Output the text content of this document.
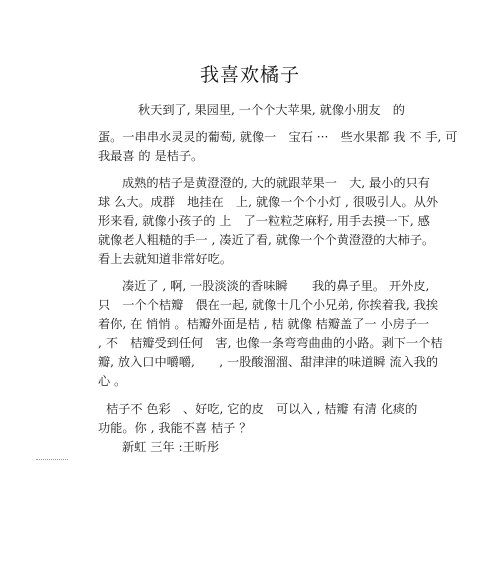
我喜欢橘子
秋天到了, 果园里, 一个个大苹果, 就像小朋友　的
蛋。一串串水灵灵的葡萄, 就像一　宝石 ···　些水果都 我 不 手, 可
我最喜 的 是桔子。
成熟的桔子是黄澄澄的, 大的就跟苹果一　大, 最小的只有
球 么大。成群　地挂在　上, 就像一个个小灯 , 很吸引人。从外
形来看, 就像小孩子的 上　了一粒粒芝麻籽, 用手去摸一下, 感
就像老人粗糙的手一 , 凑近了看, 就像一个个黄澄澄的大柿子。
看上去就知道非常好吃。
凑近了 , 啊, 一股淡淡的香味瞬　　我的鼻子里。 开外皮,
只　一个个桔瓣　偎在一起, 就像十几个小兄弟, 你挨着我, 我挨
着你, 在 悄悄 。桔瓣外面是桔 , 桔 就像 桔瓣盖了一 小房子一
, 不　桔瓣受到任何　害, 也像一条弯弯曲曲的小路。剥下一个桔
瓣, 放入口中嚼嚼,　　, 一股酸溜溜、甜津津的味道瞬 流入我的
心 。
桔子不 色彩　、好吃, 它的皮　可以入 , 桔瓣 有清 化痰的
功能。你 , 我能不喜 桔子 ？
新虹 三年 :王昕彤
